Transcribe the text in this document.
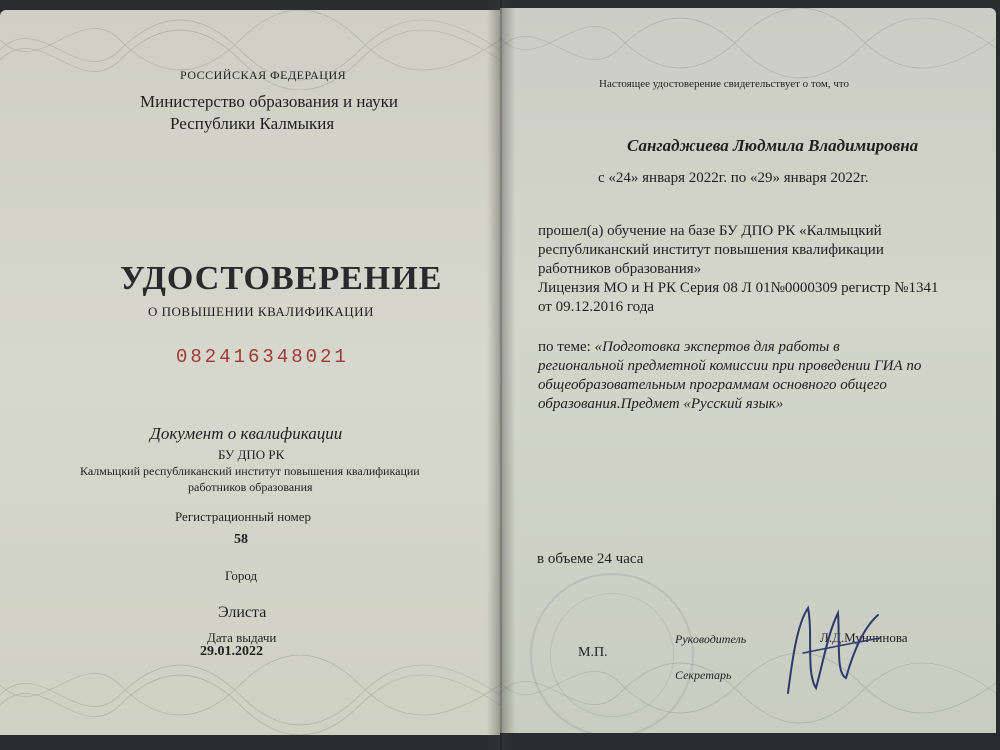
РОССИЙСКАЯ ФЕДЕРАЦИЯ
Министерство образования и науки
Республики Калмыкия
УДОСТОВЕРЕНИЕ
О ПОВЫШЕНИИ КВАЛИФИКАЦИИ
082416348021
Документ о квалификации
БУ ДПО РК
Калмыцкий республиканский институт повышения квалификации
работников образования
Регистрационный номер
58
Город
Элиста
Дата выдачи
29.01.2022
Настоящее удостоверение свидетельствует о том, что
Сангаджиева Людмила Владимировна
с «24» января 2022г. по «29» января 2022г.
прошел(а) обучение на базе БУ ДПО РК «Калмыцкий
республиканский институт повышения квалификации
работников образования»
Лицензия МО и Н РК Серия 08 Л 01№0000309 регистр №1341
от 09.12.2016 года
по теме: «Подготовка экспертов для работы в
региональной предметной комиссии при проведении ГИА по
общеобразовательным программам основного общего
образования.Предмет «Русский язык»
в объеме 24 часа
М.П.
Руководитель	Л.Д.Мунчинова
Секретарь
